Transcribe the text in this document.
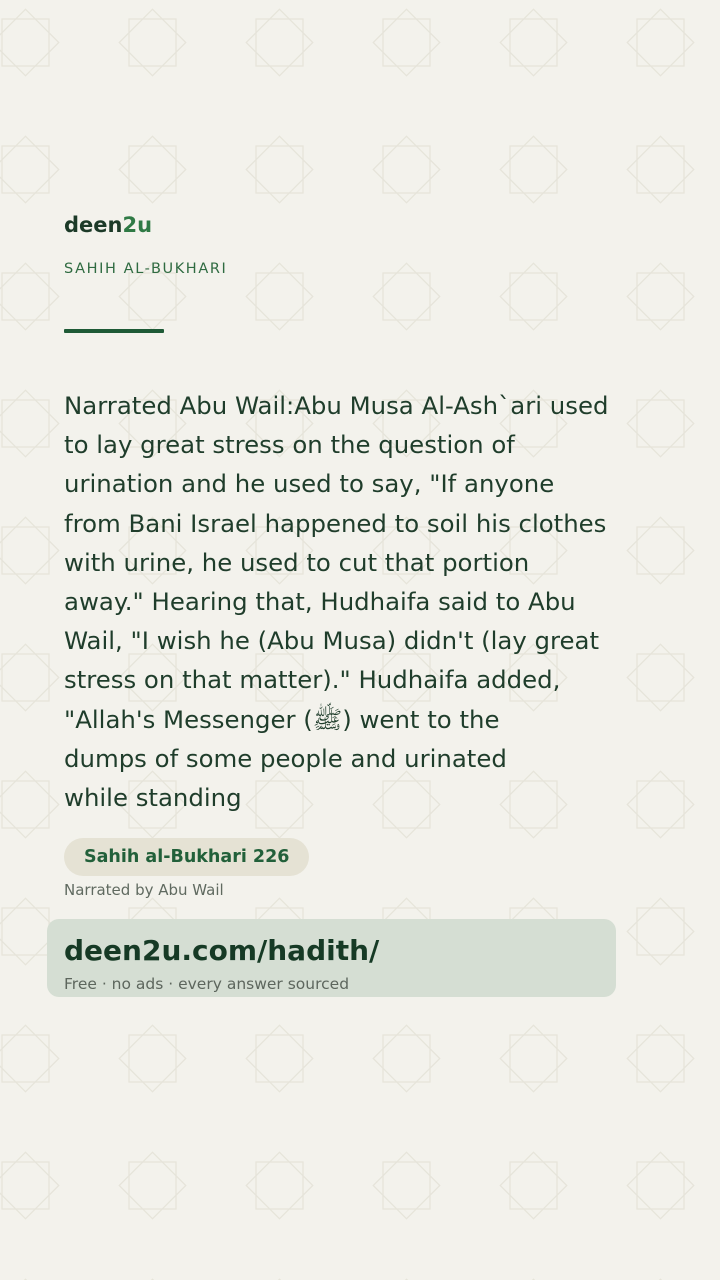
deen2u
SAHIH AL-BUKHARI
Narrated Abu Wail:Abu Musa Al-Ash`ari used
to lay great stress on the question of
urination and he used to say, "If anyone
from Bani Israel happened to soil his clothes
with urine, he used to cut that portion
away." Hearing that, Hudhaifa said to Abu
Wail, "I wish he (Abu Musa) didn't (lay great
stress on that matter)." Hudhaifa added,
"Allah's Messenger (ﷺ) went to the
dumps of some people and urinated
while standing
Sahih al-Bukhari 226
Narrated by Abu Wail
deen2u.com/hadith/
Free · no ads · every answer sourced
